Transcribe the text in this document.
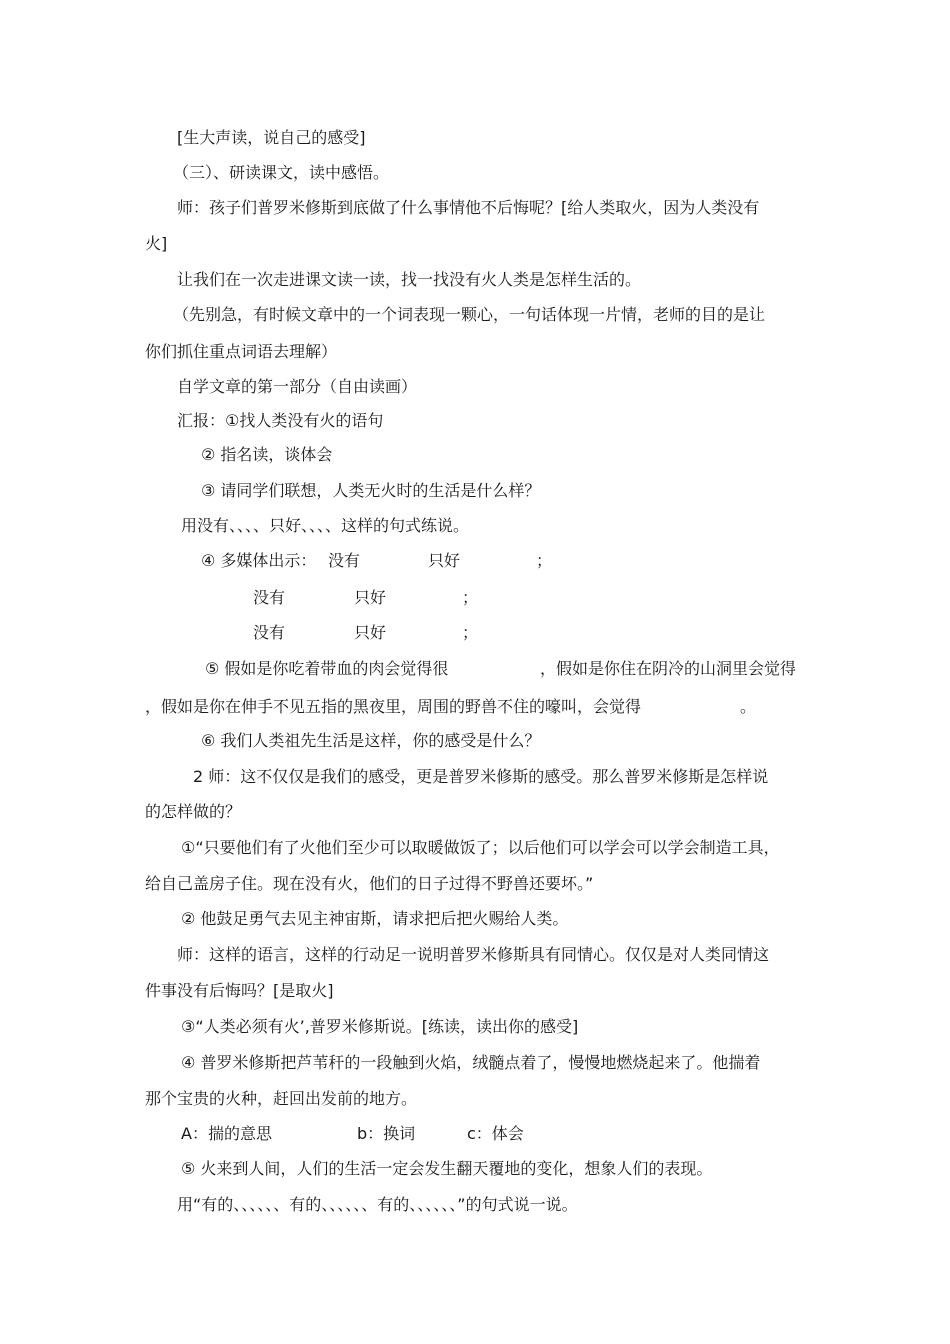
[生大声读，说自己的感受]
（三）、研读课文，读中感悟。
师：孩子们普罗米修斯到底做了什么事情他不后悔呢？[给人类取火，因为人类没有
火]
让我们在一次走进课文读一读，找一找没有火人类是怎样生活的。
（先别急，有时候文章中的一个词表现一颗心，一句话体现一片情，老师的目的是让
你们抓住重点词语去理解）
自学文章的第一部分（自由读画）
汇报：①找人类没有火的语句
② 指名读，谈体会
③ 请同学们联想，人类无火时的生活是什么样？
用没有、、、、只好、、、、这样的句式练说。
④ 多媒体出示： 没有	只好	；
没有	只好	；
没有	只好	；
⑤ 假如是你吃着带血的肉会觉得很	，假如是你住在阴冷的山洞里会觉得
，假如是你在伸手不见五指的黑夜里，周围的野兽不住的嚎叫，会觉得	。
⑥ 我们人类祖先生活是这样，你的感受是什么？
2 师：这不仅仅是我们的感受，更是普罗米修斯的感受。那么普罗米修斯是怎样说
的怎样做的？
①“只要他们有了火他们至少可以取暖做饭了；以后他们可以学会可以学会制造工具，
给自己盖房子住。现在没有火，他们的日子过得不野兽还要坏。”
② 他鼓足勇气去见主神宙斯，请求把后把火赐给人类。
师：这样的语言，这样的行动足一说明普罗米修斯具有同情心。仅仅是对人类同情这
件事没有后悔吗？[是取火]
③“人类必须有火’,普罗米修斯说。[练读，读出你的感受]
④ 普罗米修斯把芦苇秆的一段触到火焰，绒髓点着了，慢慢地燃烧起来了。他揣着
那个宝贵的火种，赶回出发前的地方。
A：揣的意思	b：换词	c：体会
⑤ 火来到人间，人们的生活一定会发生翻天覆地的变化，想象人们的表现。
用“有的、、、、、、有的、、、、、、有的、、、、、、”的句式说一说。
